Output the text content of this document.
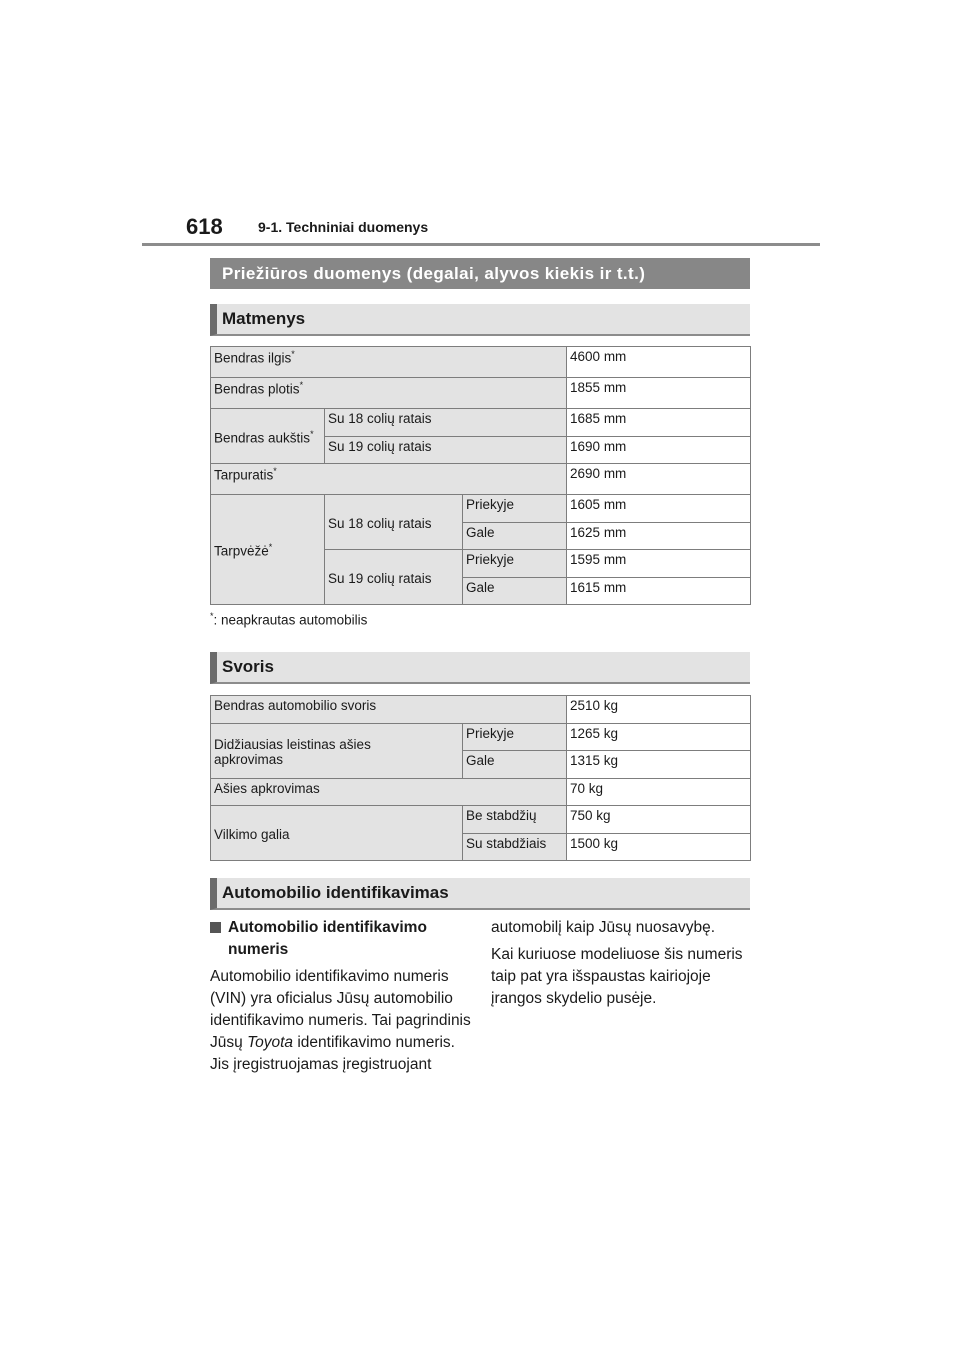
618	9-1. Techniniai duomenys
Priežiūros duomenys (degalai, alyvos kiekis ir t.t.)
Matmenys
Bendras ilgis*			4600 mm
Bendras plotis*			1855 mm
Bendras aukštis*	Su 18 colių ratais		1685 mm
	Su 19 colių ratais		1690 mm
Tarpuratis*			2690 mm
Tarpvėžė*	Su 18 colių ratais	Priekyje	1605 mm
		Gale	1625 mm
	Su 19 colių ratais	Priekyje	1595 mm
		Gale	1615 mm
*: neapkrautas automobilis
Svoris
Bendras automobilio svoris		2510 kg
Didžiausias leistinas ašies apkrovimas	Priekyje	1265 kg
	Gale	1315 kg
Ašies apkrovimas		70 kg
Vilkimo galia	Be stabdžių	750 kg
	Su stabdžiais	1500 kg
Automobilio identifikavimas
Automobilio identifikavimo numeris

Automobilio identifikavimo numeris (VIN) yra oficialus Jūsų automobilio identifikavimo numeris. Tai pagrindinis Jūsų Toyota identifikavimo numeris. Jis įregistruojamas įregistruojant

automobilį kaip Jūsų nuosavybę.

Kai kuriuose modeliuose šis numeris taip pat yra išspaustas kairiojoje įrangos skydelio pusėje.
